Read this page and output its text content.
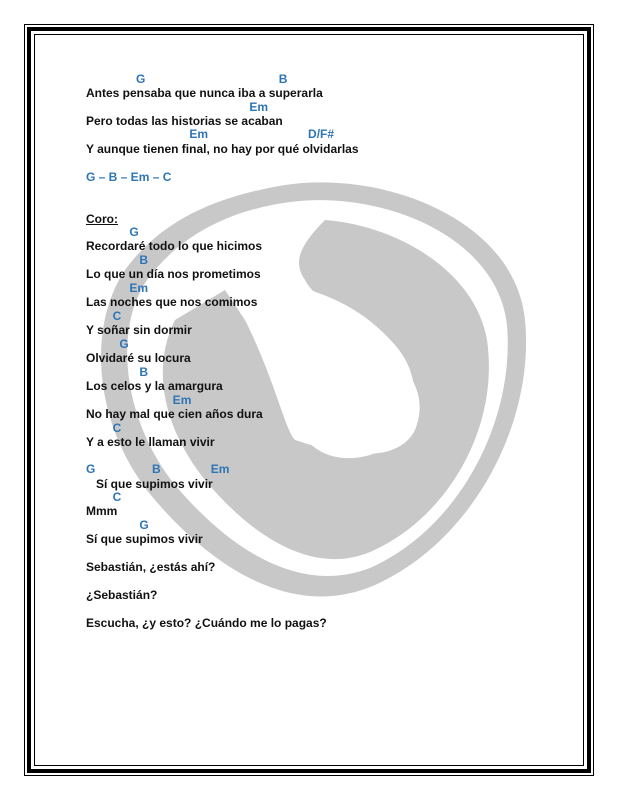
G                                        B
Antes pensaba que nunca iba a superarla
Em
Pero todas las historias se acaban
Em                              D/F#
Y aunque tienen final, no hay por qué olvidarlas
G – B – Em – C
Coro:
G
Recordaré todo lo que hicimos
B
Lo que un día nos prometimos
Em
Las noches que nos comimos
C
Y soñar sin dormir
G
Olvidaré su locura
B
Los celos y la amargura
Em
No hay mal que cien años dura
C
Y a esto le llaman vivir
G                 B               Em
Sí que supimos vivir
C
Mmm
G
Sí que supimos vivir
Sebastián, ¿estás ahí?
¿Sebastián?
Escucha, ¿y esto? ¿Cuándo me lo pagas?
